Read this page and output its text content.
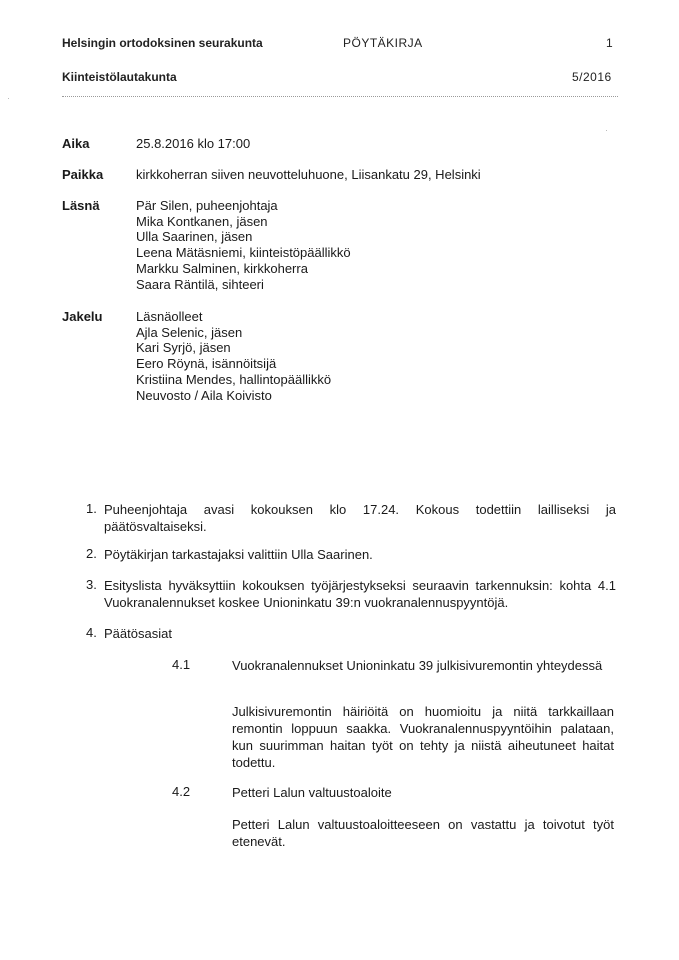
Helsingin ortodoksinen seurakunta	PÖYTÄKIRJA	1
Kiinteistölautakunta	5/2016
Aika	25.8.2016 klo 17:00
Paikka	kirkkoherran siiven neuvotteluhuone, Liisankatu 29, Helsinki
Läsnä	Pär Silen, puheenjohtaja
Mika Kontkanen, jäsen
Ulla Saarinen, jäsen
Leena Mätäsniemi, kiinteistöpäällikkö
Markku Salminen, kirkkoherra
Saara Räntilä, sihteeri
Jakelu	Läsnäolleet
Ajla Selenic, jäsen
Kari Syrjö, jäsen
Eero Röynä, isännöitsijä
Kristiina Mendes, hallintopäällikkö
Neuvosto / Aila Koivisto
1. Puheenjohtaja avasi kokouksen klo 17.24. Kokous todettiin lailliseksi ja päätösvaltaiseksi.
2. Pöytäkirjan tarkastajaksi valittiin Ulla Saarinen.
3. Esityslista hyväksyttiin kokouksen työjärjestykseksi seuraavin tarkennuksin: kohta 4.1 Vuokranalennukset koskee Unioninkatu 39:n vuokranalennuspyyntöjä.
4. Päätösasiat
4.1	Vuokranalennukset Unioninkatu 39 julkisivuremontin yhteydessä
Julkisivuremontin häiriöitä on huomioitu ja niitä tarkkaillaan remontin loppuun saakka. Vuokranalennuspyyntöihin palataan, kun suurimman haitan työt on tehty ja niistä aiheutuneet haitat todettu.
4.2	Petteri Lalun valtuustoaloite
Petteri Lalun valtuustoaloitteeseen on vastattu ja toivotut työt etenevät.
